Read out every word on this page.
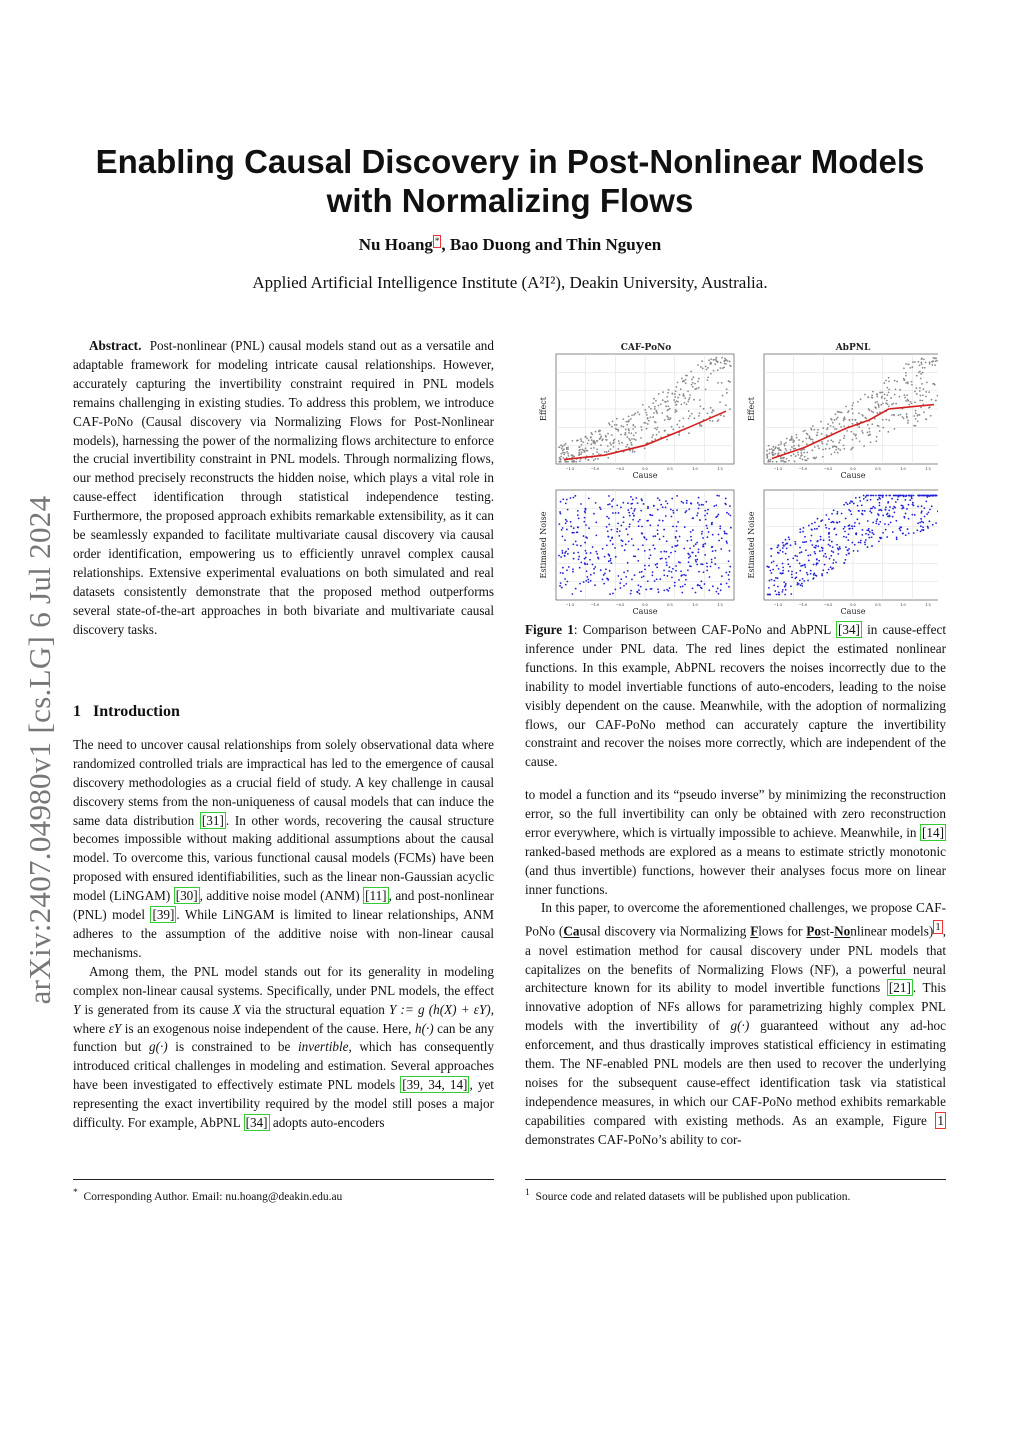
arXiv:2407.04980v1 [cs.LG] 6 Jul 2024
Enabling Causal Discovery in Post-Nonlinear Models
with Normalizing Flows
Nu Hoang * , Bao Duong and Thin Nguyen
Applied Artificial Intelligence Institute (A²I²), Deakin University, Australia.

Abstract. Post-nonlinear (PNL) causal models stand out as a versatile and adaptable framework for modeling intricate causal relationships. However, accurately capturing the invertibility constraint required in PNL models remains challenging in existing studies. To address this problem, we introduce CAF-PoNo (Causal discovery via Normalizing Flows for Post-Nonlinear models), harnessing the power of the normalizing flows architecture to enforce the crucial invertibility constraint in PNL models. Through normalizing flows, our method precisely reconstructs the hidden noise, which plays a vital role in cause-effect identification through statistical independence testing. Furthermore, the proposed approach exhibits remarkable extensibility, as it can be seamlessly expanded to facilitate multivariate causal discovery via causal order identification, empowering us to efficiently unravel complex causal relationships. Extensive experimental evaluations on both simulated and real datasets consistently demonstrate that the proposed method outperforms several state-of-the-art approaches in both bivariate and multivariate causal discovery tasks.

1 Introduction

The need to uncover causal relationships from solely observational data where randomized controlled trials are impractical has led to the emergence of causal discovery methodologies as a crucial field of study. A key challenge in causal discovery stems from the non-uniqueness of causal models that can induce the same data distribution [31] . In other words, recovering the causal structure becomes impossible without making additional assumptions about the causal model. To overcome this, various functional causal models (FCMs) have been proposed with ensured identifiabilities, such as the linear non-Gaussian acyclic model (LiNGAM) [30] , additive noise model (ANM) [11] , and post-nonlinear (PNL) model [39] . While LiNGAM is limited to linear relationships, ANM adheres to the assumption of the additive noise with non-linear causal mechanisms.

Among them, the PNL model stands out for its generality in modeling complex non-linear causal systems. Specifically, under PNL models, the effect Y is generated from its cause X via the structural equation Y := g (h(X) + εY), where εY is an exogenous noise independent of the cause. Here, h(·) can be any function but g(·) is constrained to be invertible, which has consequently introduced critical challenges in modeling and estimation. Several approaches have been investigated to effectively estimate PNL models [39, 34, 14] , yet representing the exact invertibility required by the model still poses a major difficulty. For example, AbPNL [34] adopts auto-encoders

* Corresponding Author. Email: nu.hoang@deakin.edu.au
−1.5	−1.0	−0.5	0.0	0.5	1.0	1.5
Cause
Effect
−1.5	−1.0	−0.5	0.0	0.5	1.0	1.5
Cause
Effect
−1.5	−1.0	−0.5	0.0	0.5	1.0	1.5
Cause
Estimated Noise
−1.5	−1.0	−0.5	0.0	0.5	1.0	1.5
Cause
Estimated Noise
CAF-PoNo	AbPNL
Figure 1: Comparison between CAF-PoNo and AbPNL [34] in cause-effect inference under PNL data. The red lines depict the estimated nonlinear functions. In this example, AbPNL recovers the noises incorrectly due to the inability to model invertiable functions of auto-encoders, leading to the noise visibly dependent on the cause. Meanwhile, with the adoption of normalizing flows, our CAF-PoNo method can accurately capture the invertibility constraint and recover the noises more correctly, which are independent of the cause.

to model a function and its “pseudo inverse” by minimizing the reconstruction error, so the full invertibility can only be obtained with zero reconstruction error everywhere, which is virtually impossible to achieve. Meanwhile, in [14] ranked-based methods are explored as a means to estimate strictly monotonic (and thus invertible) functions, however their analyses focus more on linear inner functions.

In this paper, to overcome the aforementioned challenges, we propose CAF-PoNo (Causal discovery via Normalizing Flows for Post-Nonlinear models) $^1$ , a novel estimation method for causal discovery under PNL models that capitalizes on the benefits of Normalizing Flows (NF), a powerful neural architecture known for its ability to model invertible functions [21] . This innovative adoption of NFs allows for parametrizing highly complex PNL models with the invertibility of g(·) guaranteed without any ad-hoc enforcement, and thus drastically improves statistical efficiency in estimating them. The NF-enabled PNL models are then used to recover the underlying noises for the subsequent cause-effect identification task via statistical independence measures, in which our CAF-PoNo method exhibits remarkable capabilities compared with existing methods. As an example, Figure 1 demonstrates CAF-PoNo’s ability to cor-

$^1$ Source code and related datasets will be published upon publication.
